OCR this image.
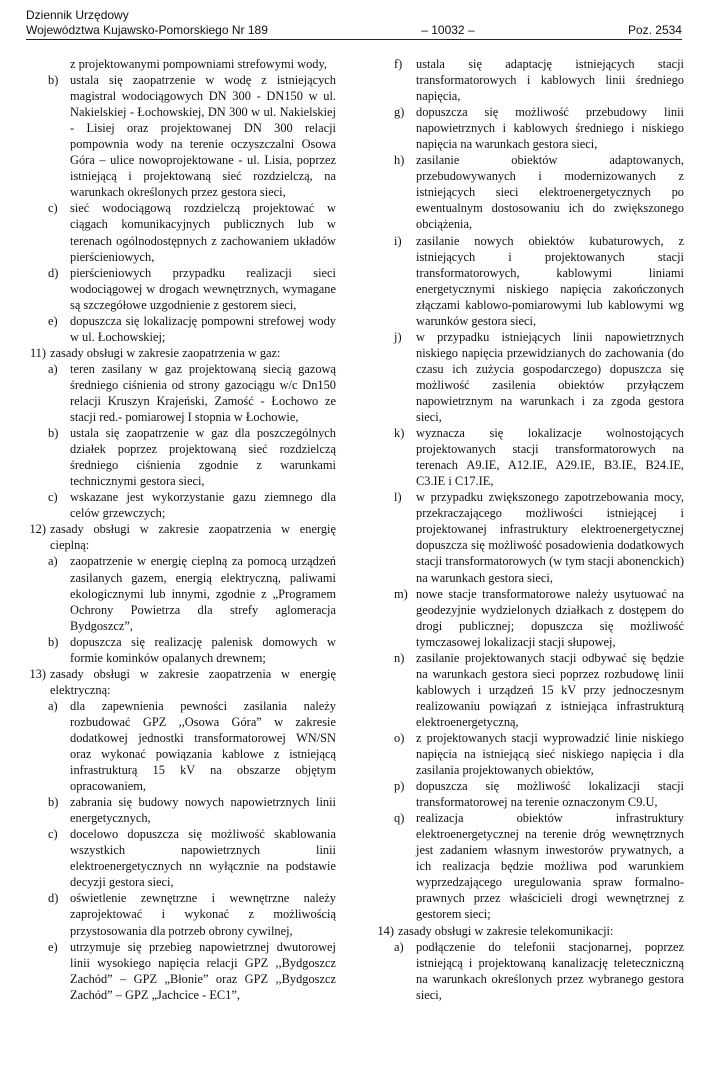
Dziennik Urzędowy
Województwa Kujawsko-Pomorskiego Nr 189	– 10032 –	Poz. 2534
z projektowanymi pompowniami strefowymi wody,
b) ustala się zaopatrzenie w wodę z istniejących magistral wodociągowych DN 300 - DN150 w ul. Nakielskiej - Łochowskiej, DN 300 w ul. Nakielskiej - Lisiej oraz projektowanej DN 300 relacji pompownia wody na terenie oczyszczalni Osowa Góra – ulice nowoprojektowane - ul. Lisia, poprzez istniejącą i projektowaną sieć rozdzielczą, na warunkach określonych przez gestora sieci,
c) sieć wodociągową rozdzielczą projektować w ciągach komunikacyjnych publicznych lub w terenach ogólnodostępnych z zachowaniem układów pierścieniowych,
d) pierścieniowych przypadku realizacji sieci wodociągowej w drogach wewnętrznych, wymagane są szczegółowe uzgodnienie z gestorem sieci,
e) dopuszcza się lokalizację pompowni strefowej wody w ul. Łochowskiej;
11) zasady obsługi w zakresie zaopatrzenia w gaz:
a) teren zasilany w gaz projektowaną siecią gazową średniego ciśnienia od strony gazociągu w/c Dn150 relacji Kruszyn Krajeński, Zamość - Łochowo ze stacji red.- pomiarowej I stopnia w Łochowie,
b) ustala się zaopatrzenie w gaz dla poszczególnych działek poprzez projektowaną sieć rozdzielczą średniego ciśnienia zgodnie z warunkami technicznymi gestora sieci,
c) wskazane jest wykorzystanie gazu ziemnego dla celów grzewczych;
12) zasady obsługi w zakresie zaopatrzenia w energię cieplną:
a) zaopatrzenie w energię cieplną za pomocą urządzeń zasilanych gazem, energią elektryczną, paliwami ekologicznymi lub innymi, zgodnie z „Programem Ochrony Powietrza dla strefy aglomeracja Bydgoszcz”,
b) dopuszcza się realizację palenisk domowych w formie kominków opalanych drewnem;
13) zasady obsługi w zakresie zaopatrzenia w energię elektryczną:
a) dla zapewnienia pewności zasilania należy rozbudować GPZ ,,Osowa Góra” w zakresie dodatkowej jednostki transformatorowej WN/SN oraz wykonać powiązania kablowe z istniejącą infrastrukturą 15 kV na obszarze objętym opracowaniem,
b) zabrania się budowy nowych napowietrznych linii energetycznych,
c) docelowo dopuszcza się możliwość skablowania wszystkich napowietrznych linii elektroenergetycznych nn wyłącznie na podstawie decyzji gestora sieci,
d) oświetlenie zewnętrzne i wewnętrzne należy zaprojektować i wykonać z możliwością przystosowania dla potrzeb obrony cywilnej,
e) utrzymuje się przebieg napowietrznej dwutorowej linii wysokiego napięcia relacji GPZ ,,Bydgoszcz Zachód” – GPZ „Błonie” oraz GPZ ,,Bydgoszcz Zachód” – GPZ „Jachcice - EC1”,
f)	ustala się adaptację istniejących stacji transformatorowych i kablowych linii średniego napięcia,
g) dopuszcza się możliwość przebudowy linii napowietrznych i kablowych średniego i niskiego napięcia na warunkach gestora sieci,
h) zasilanie obiektów adaptowanych, przebudowywanych i modernizowanych z istniejących sieci elektroenergetycznych po ewentualnym dostosowaniu ich do zwiększonego obciążenia,
i)	zasilanie nowych obiektów kubaturowych, z istniejących i projektowanych stacji transformatorowych, kablowymi liniami energetycznymi niskiego napięcia zakończonych złączami kablowo-pomiarowymi lub kablowymi wg warunków gestora sieci,
j)	w przypadku istniejących linii napowietrznych niskiego napięcia przewidzianych do zachowania (do czasu ich zużycia gospodarczego) dopuszcza się możliwość zasilenia obiektów przyłączem napowietrznym na warunkach i za zgoda gestora sieci,
k) wyznacza się lokalizacje wolnostojących projektowanych stacji transformatorowych na terenach A9.IE, A12.IE, A29.IE, B3.IE, B24.IE, C3.IE i C17.IE,
l)	w przypadku zwiększonego zapotrzebowania mocy, przekraczającego możliwości istniejącej i projektowanej infrastruktury elektroenergetycznej dopuszcza się możliwość posadowienia dodatkowych stacji transformatorowych (w tym stacji abonenckich) na warunkach gestora sieci,
m) nowe stacje transformatorowe należy usytuować na geodezyjnie wydzielonych działkach z dostępem do drogi publicznej; dopuszcza się możliwość tymczasowej lokalizacji stacji słupowej,
n) zasilanie projektowanych stacji odbywać się będzie na warunkach gestora sieci poprzez rozbudowę linii kablowych i urządzeń 15 kV przy jednoczesnym realizowaniu powiązań z istniejąca infrastrukturą elektroenergetyczną,
o) z projektowanych stacji wyprowadzić linie niskiego napięcia na istniejącą sieć niskiego napięcia i dla zasilania projektowanych obiektów,
p) dopuszcza się możliwość lokalizacji stacji transformatorowej na terenie oznaczonym C9.U,
q) realizacja obiektów infrastruktury elektroenergetycznej na terenie dróg wewnętrznych jest zadaniem własnym inwestorów prywatnych, a ich realizacja będzie możliwa pod warunkiem wyprzedzającego uregulowania spraw formalno-prawnych przez właścicieli drogi wewnętrznej z gestorem sieci;
14) zasady obsługi w zakresie telekomunikacji:
a) podłączenie do telefonii stacjonarnej, poprzez istniejącą i projektowaną kanalizację teleteczniczną na warunkach określonych przez wybranego gestora sieci,
